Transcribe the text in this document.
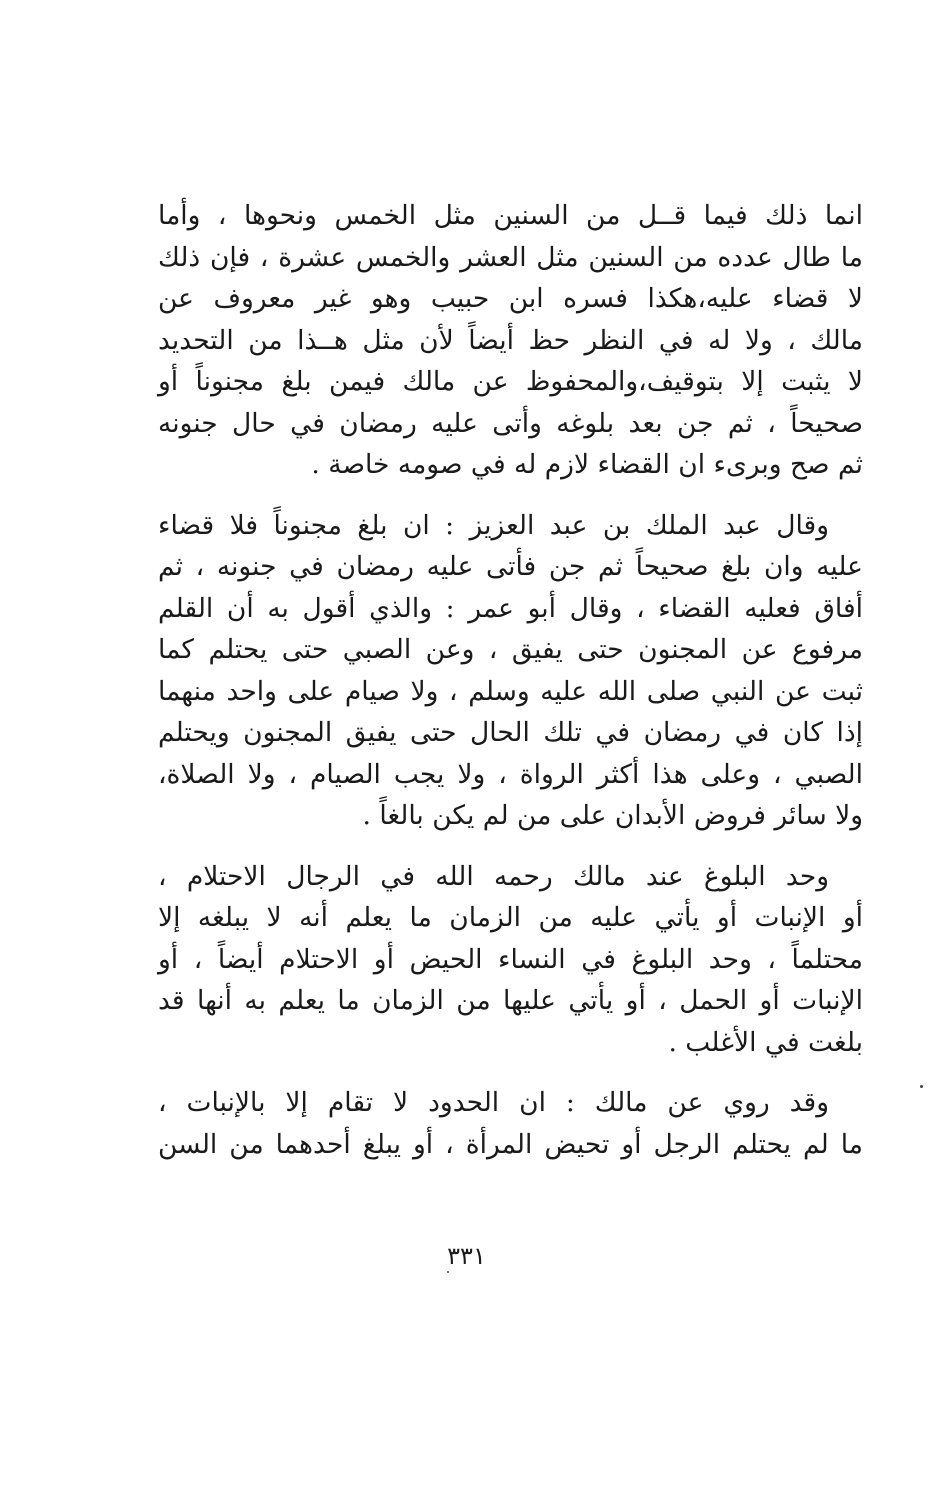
انما ذلك فيما قــل من السنين مثل الخمس ونحوها ، وأما
ما طال عدده من السنين مثل العشر والخمس عشرة ، فإن ذلك
لا قضاء عليه،هكذا فسره ابن حبيب وهو غير معروف عن
مالك ، ولا له في النظر حظ أيضاً لأن مثل هــذا من التحديد
لا يثبت إلا بتوقيف،والمحفوظ عن مالك فيمن بلغ مجنوناً أو
صحيحاً ، ثم جن بعد بلوغه وأتى عليه رمضان في حال جنونه
ثم صح وبرىء ان القضاء لازم له في صومه خاصة .
وقال عبد الملك بن عبد العزيز : ان بلغ مجنوناً فلا قضاء
عليه وان بلغ صحيحاً ثم جن فأتى عليه رمضان في جنونه ، ثم
أفاق فعليه القضاء ، وقال أبو عمر : والذي أقول به أن القلم
مرفوع عن المجنون حتى يفيق ، وعن الصبي حتى يحتلم كما
ثبت عن النبي صلى الله عليه وسلم ، ولا صيام على واحد منهما
إذا كان في رمضان في تلك الحال حتى يفيق المجنون ويحتلم
الصبي ، وعلى هذا أكثر الرواة ، ولا يجب الصيام ، ولا الصلاة،
ولا سائر فروض الأبدان على من لم يكن بالغاً .
وحد البلوغ عند مالك رحمه الله في الرجال الاحتلام ،
أو الإنبات أو يأتي عليه من الزمان ما يعلم أنه لا يبلغه إلا
محتلماً ، وحد البلوغ في النساء الحيض أو الاحتلام أيضاً ، أو
الإنبات أو الحمل ، أو يأتي عليها من الزمان ما يعلم به أنها قد
بلغت في الأغلب .
وقد روي عن مالك : ان الحدود لا تقام إلا بالإنبات ،
ما لم يحتلم الرجل أو تحيض المرأة ، أو يبلغ أحدهما من السن
٣٣١
